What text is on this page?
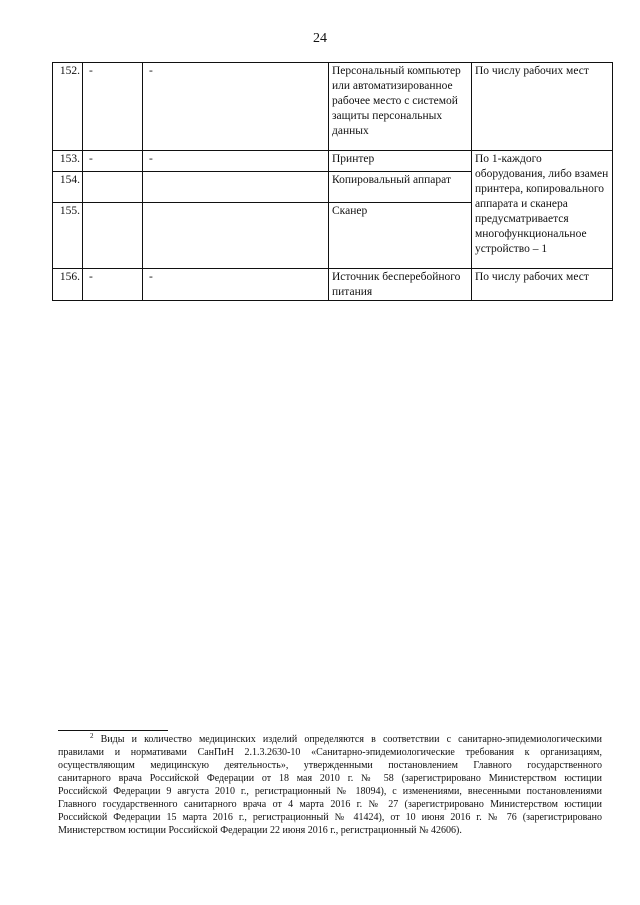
24
152.	-	-	Персональный компьютер или автоматизированное рабочее место с системой защиты персональных данных	По числу рабочих мест
153.	-	-	Принтер	По 1-каждого оборудования, либо взамен принтера, копировального аппарата и сканера предусматривается многофункциональное устройство – 1
154.			Копировальный аппарат	
155.			Сканер	
156.	-	-	Источник бесперебойного питания	По числу рабочих мест
$^2$ Виды и количество медицинских изделий определяются в соответствии с санитарно-эпидемиологическими
правилами и нормативами СанПиН 2.1.3.2630-10 «Санитарно-эпидемиологические требования к организациям,
осуществляющим медицинскую деятельность», утвержденными постановлением Главного государственного
санитарного врача Российской Федерации от 18 мая 2010 г. № 58 (зарегистрировано Министерством юстиции
Российской Федерации 9 августа 2010 г., регистрационный № 18094), с изменениями, внесенными постановлениями
Главного государственного санитарного врача от 4 марта 2016 г. № 27 (зарегистрировано Министерством юстиции
Российской Федерации 15 марта 2016 г., регистрационный № 41424), от 10 июня 2016 г. № 76 (зарегистрировано
Министерством юстиции Российской Федерации 22 июня 2016 г., регистрационный № 42606).
